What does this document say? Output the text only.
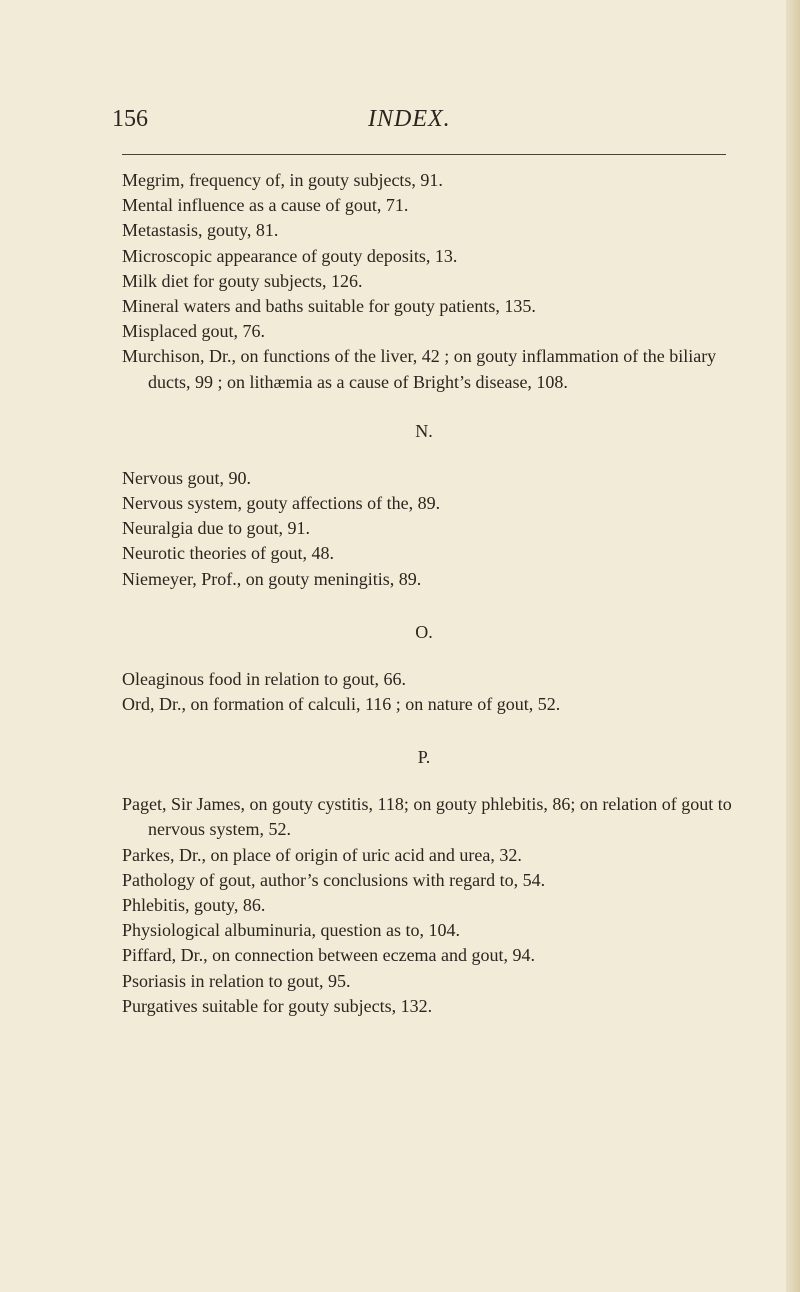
156	INDEX.

Megrim, frequency of, in gouty subjects, 91.

Mental influence as a cause of gout, 71.

Metastasis, gouty, 81.

Microscopic appearance of gouty deposits, 13.

Milk diet for gouty subjects, 126.

Mineral waters and baths suitable for gouty patients, 135.

Misplaced gout, 76.

Murchison, Dr., on functions of the liver, 42 ; on gouty inflammation of the biliary ducts, 99 ; on lithæmia as a cause of Bright’s disease, 108.

N.

Nervous gout, 90.

Nervous system, gouty affections of the, 89.

Neuralgia due to gout, 91.

Neurotic theories of gout, 48.

Niemeyer, Prof., on gouty meningitis, 89.

O.

Oleaginous food in relation to gout, 66.

Ord, Dr., on formation of calculi, 116 ; on nature of gout, 52.

P.

Paget, Sir James, on gouty cystitis, 118; on gouty phlebitis, 86; on relation of gout to nervous system, 52.

Parkes, Dr., on place of origin of uric acid and urea, 32.

Pathology of gout, author’s conclusions with regard to, 54.

Phlebitis, gouty, 86.

Physiological albuminuria, question as to, 104.

Piffard, Dr., on connection between eczema and gout, 94.

Psoriasis in relation to gout, 95.

Purgatives suitable for gouty subjects, 132.
